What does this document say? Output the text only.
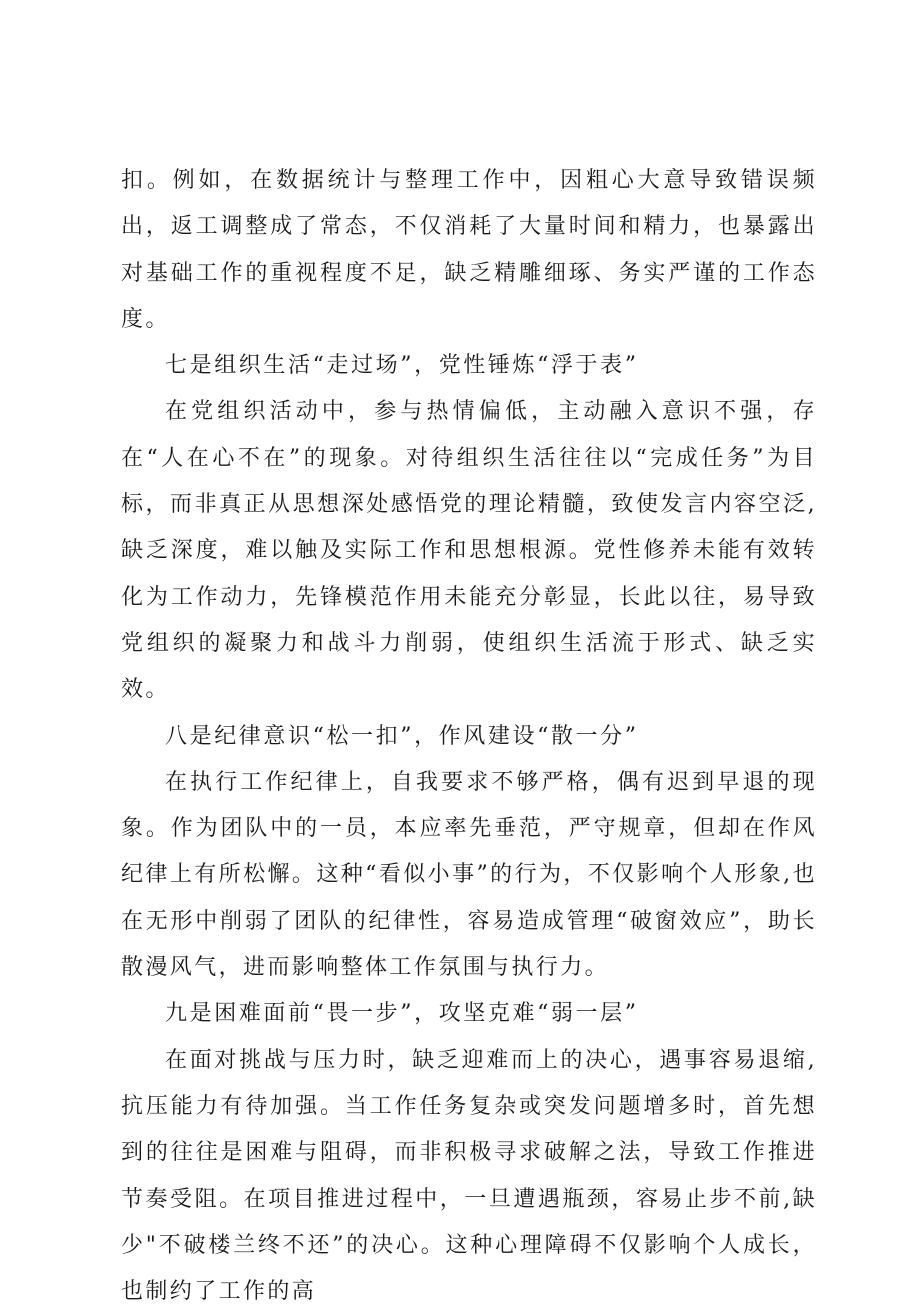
扣。例如，在数据统计与整理工作中，因粗心大意导致错误频出，返工调整成了常态，不仅消耗了大量时间和精力，也暴露出对基础工作的重视程度不足，缺乏精雕细琢、务实严谨的工作态度。

七是组织生活“走过场”，党性锤炼“浮于表”

在党组织活动中，参与热情偏低，主动融入意识不强，存在“人在心不在”的现象。对待组织生活往往以“完成任务”为目标，而非真正从思想深处感悟党的理论精髓，致使发言内容空泛,缺乏深度，难以触及实际工作和思想根源。党性修养未能有效转化为工作动力，先锋模范作用未能充分彰显，长此以往，易导致党组织的凝聚力和战斗力削弱，使组织生活流于形式、缺乏实效。

八是纪律意识“松一扣”，作风建设“散一分”

在执行工作纪律上，自我要求不够严格，偶有迟到早退的现象。作为团队中的一员，本应率先垂范，严守规章，但却在作风纪律上有所松懈。这种“看似小事”的行为，不仅影响个人形象,也在无形中削弱了团队的纪律性，容易造成管理“破窗效应”，助长散漫风气，进而影响整体工作氛围与执行力。

九是困难面前“畏一步”，攻坚克难“弱一层”

在面对挑战与压力时，缺乏迎难而上的决心，遇事容易退缩,抗压能力有待加强。当工作任务复杂或突发问题增多时，首先想到的往往是困难与阻碍，而非积极寻求破解之法，导致工作推进节奏受阻。在项目推进过程中，一旦遭遇瓶颈，容易止步不前,缺少"不破楼兰终不还”的决心。这种心理障碍不仅影响个人成长，也制约了工作的高
